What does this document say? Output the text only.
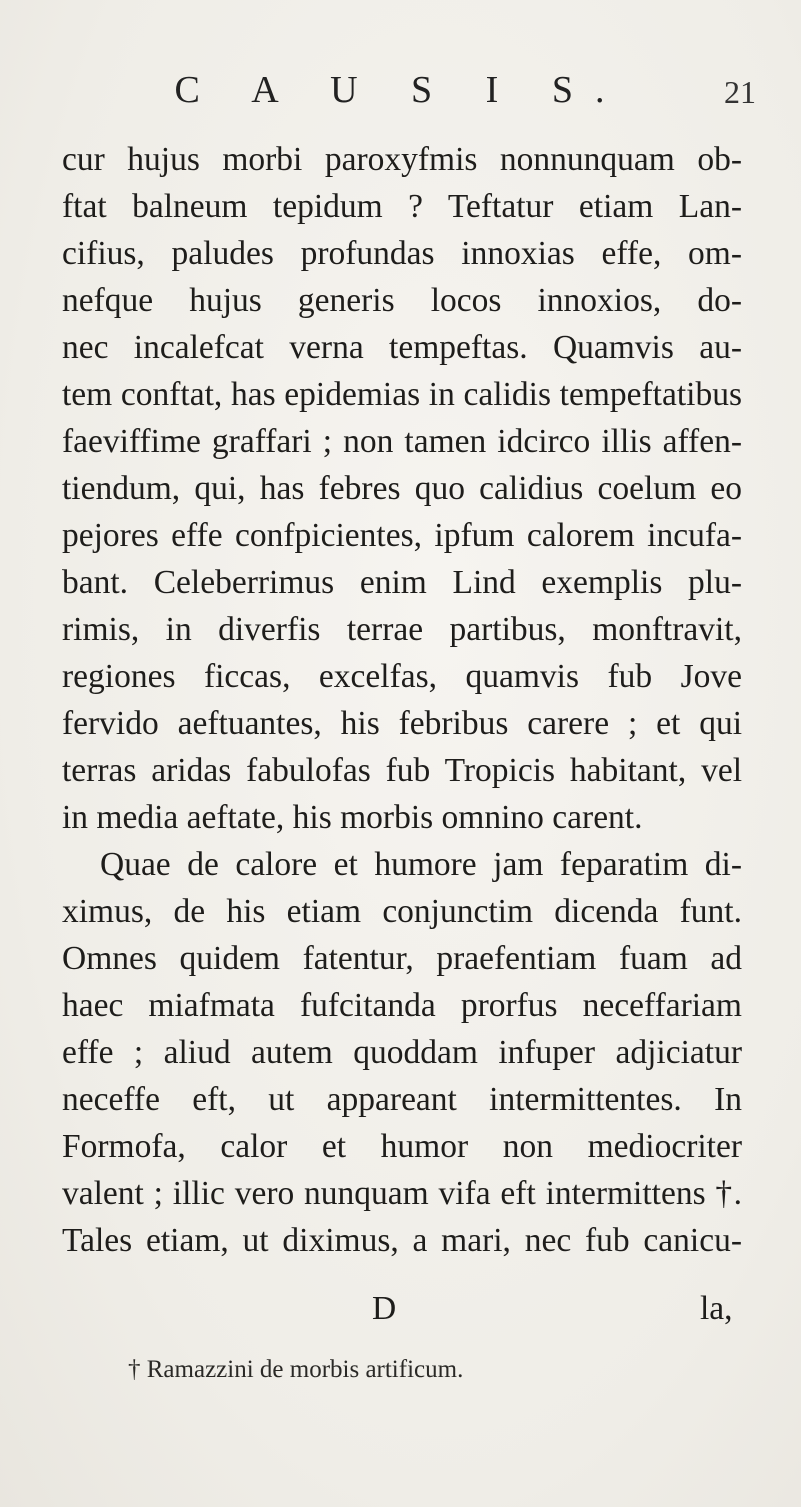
C A U S I S.	21
cur hujus morbi paroxyfmis nonnunquam ob-
ftat balneum tepidum ? Teftatur etiam Lan-
cifius, paludes profundas innoxias effe, om-
nefque hujus generis locos innoxios, do-
nec incalefcat verna tempeftas. Quamvis au-
tem conftat, has epidemias in calidis tempeftatibus
faeviffime graffari ; non tamen idcirco illis affen-
tiendum, qui, has febres quo calidius coelum eo
pejores effe confpicientes, ipfum calorem incufa-
bant. Celeberrimus enim Lind exemplis plu-
rimis, in diverfis terrae partibus, monftravit,
regiones ficcas, excelfas, quamvis fub Jove
fervido aeftuantes, his febribus carere ; et qui
terras aridas fabulofas fub Tropicis habitant, vel
in media aeftate, his morbis omnino carent.
Quae de calore et humore jam feparatim di-
ximus, de his etiam conjunctim dicenda funt.
Omnes quidem fatentur, praefentiam fuam ad
haec miafmata fufcitanda prorfus neceffariam
effe ; aliud autem quoddam infuper adjiciatur
neceffe eft, ut appareant intermittentes. In
Formofa, calor et humor non mediocriter
valent ; illic vero nunquam vifa eft intermittens †.
Tales etiam, ut diximus, a mari, nec fub canicu-
D	la,
† Ramazzini de morbis artificum.
